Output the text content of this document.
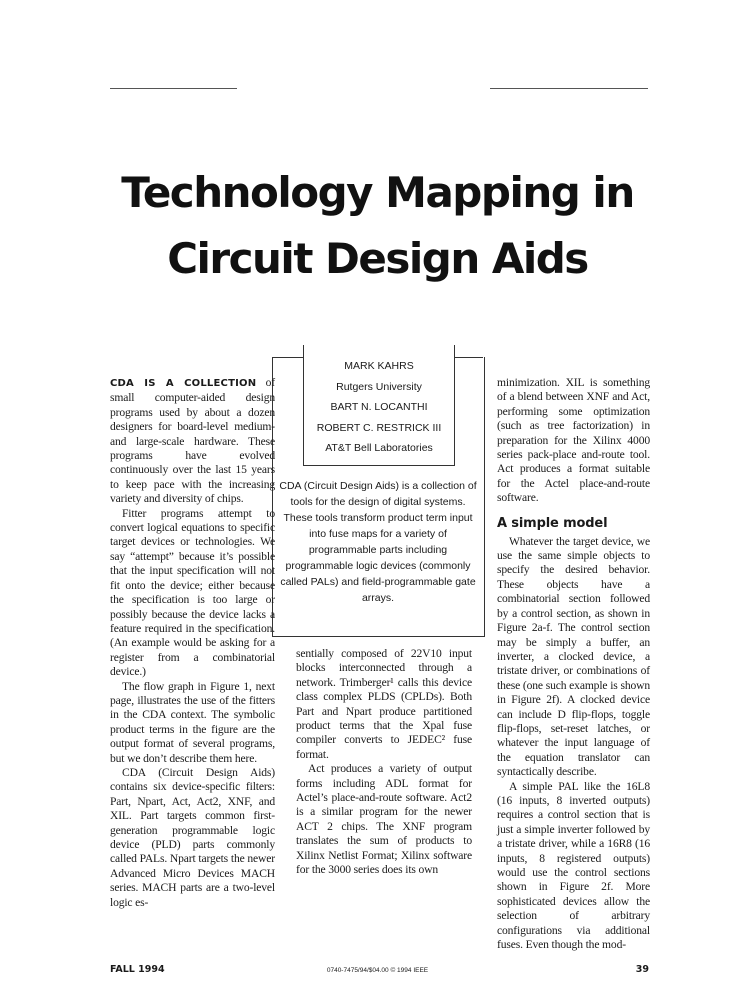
Technology Mapping in
Circuit Design Aids
MARK KAHRS
Rutgers University
BART N. LOCANTHI
ROBERT C. RESTRICK III
AT&T Bell Laboratories
CDA (Circuit Design Aids) is a collection of tools for the design of digital systems. These tools transform product term input into fuse maps for a variety of programmable parts including programmable logic devices (commonly called PALs) and field-programmable gate arrays.

CDA IS A COLLECTION of small computer-aided design programs used by about a dozen designers for board-level medium- and large-scale hardware. These programs have evolved continuously over the last 15 years to keep pace with the increasing variety and diversity of chips.

Fitter programs attempt to convert logical equations to specific target devices or technologies. We say “attempt” because it’s possible that the input specification will not fit onto the device; either because the specification is too large or possibly because the device lacks a feature required in the specification. (An example would be asking for a register from a combinatorial device.)

The flow graph in Figure 1, next page, illustrates the use of the fitters in the CDA context. The symbolic product terms in the figure are the output format of several programs, but we don’t describe them here.

CDA (Circuit Design Aids) contains six device-specific filters: Part, Npart, Act, Act2, XNF, and XIL. Part targets common first-generation programmable logic device (PLD) parts commonly called PALs. Npart targets the newer Advanced Micro Devices MACH series. MACH parts are a two-level logic es-

sentially composed of 22V10 input blocks interconnected through a network. Trimberger¹ calls this device class complex PLDS (CPLDs). Both Part and Npart produce partitioned product terms that the Xpal fuse compiler converts to JEDEC² fuse format.

Act produces a variety of output forms including ADL format for Actel’s place-and-route software. Act2 is a similar program for the newer ACT 2 chips. The XNF program translates the sum of products to Xilinx Netlist Format; Xilinx software for the 3000 series does its own

minimization. XIL is something of a blend between XNF and Act, performing some optimization (such as tree factorization) in preparation for the Xilinx 4000 series pack-place and-route tool. Act produces a format suitable for the Actel place-and-route software.

A simple model

Whatever the target device, we use the same simple objects to specify the desired behavior. These objects have a combinatorial section followed by a control section, as shown in Figure 2a-f. The control section may be simply a buffer, an inverter, a clocked device, a tristate driver, or combinations of these (one such example is shown in Figure 2f). A clocked device can include D flip-flops, toggle flip-flops, set-reset latches, or whatever the input language of the equation translator can syntactically describe.

A simple PAL like the 16L8 (16 inputs, 8 inverted outputs) requires a control section that is just a simple inverter followed by a tristate driver, while a 16R8 (16 inputs, 8 registered outputs) would use the control sections shown in Figure 2f. More sophisticated devices allow the selection of arbitrary configurations via additional fuses. Even though the mod-

FALL 1994	0740-7475/94/$04.00 © 1994 IEEE	39
